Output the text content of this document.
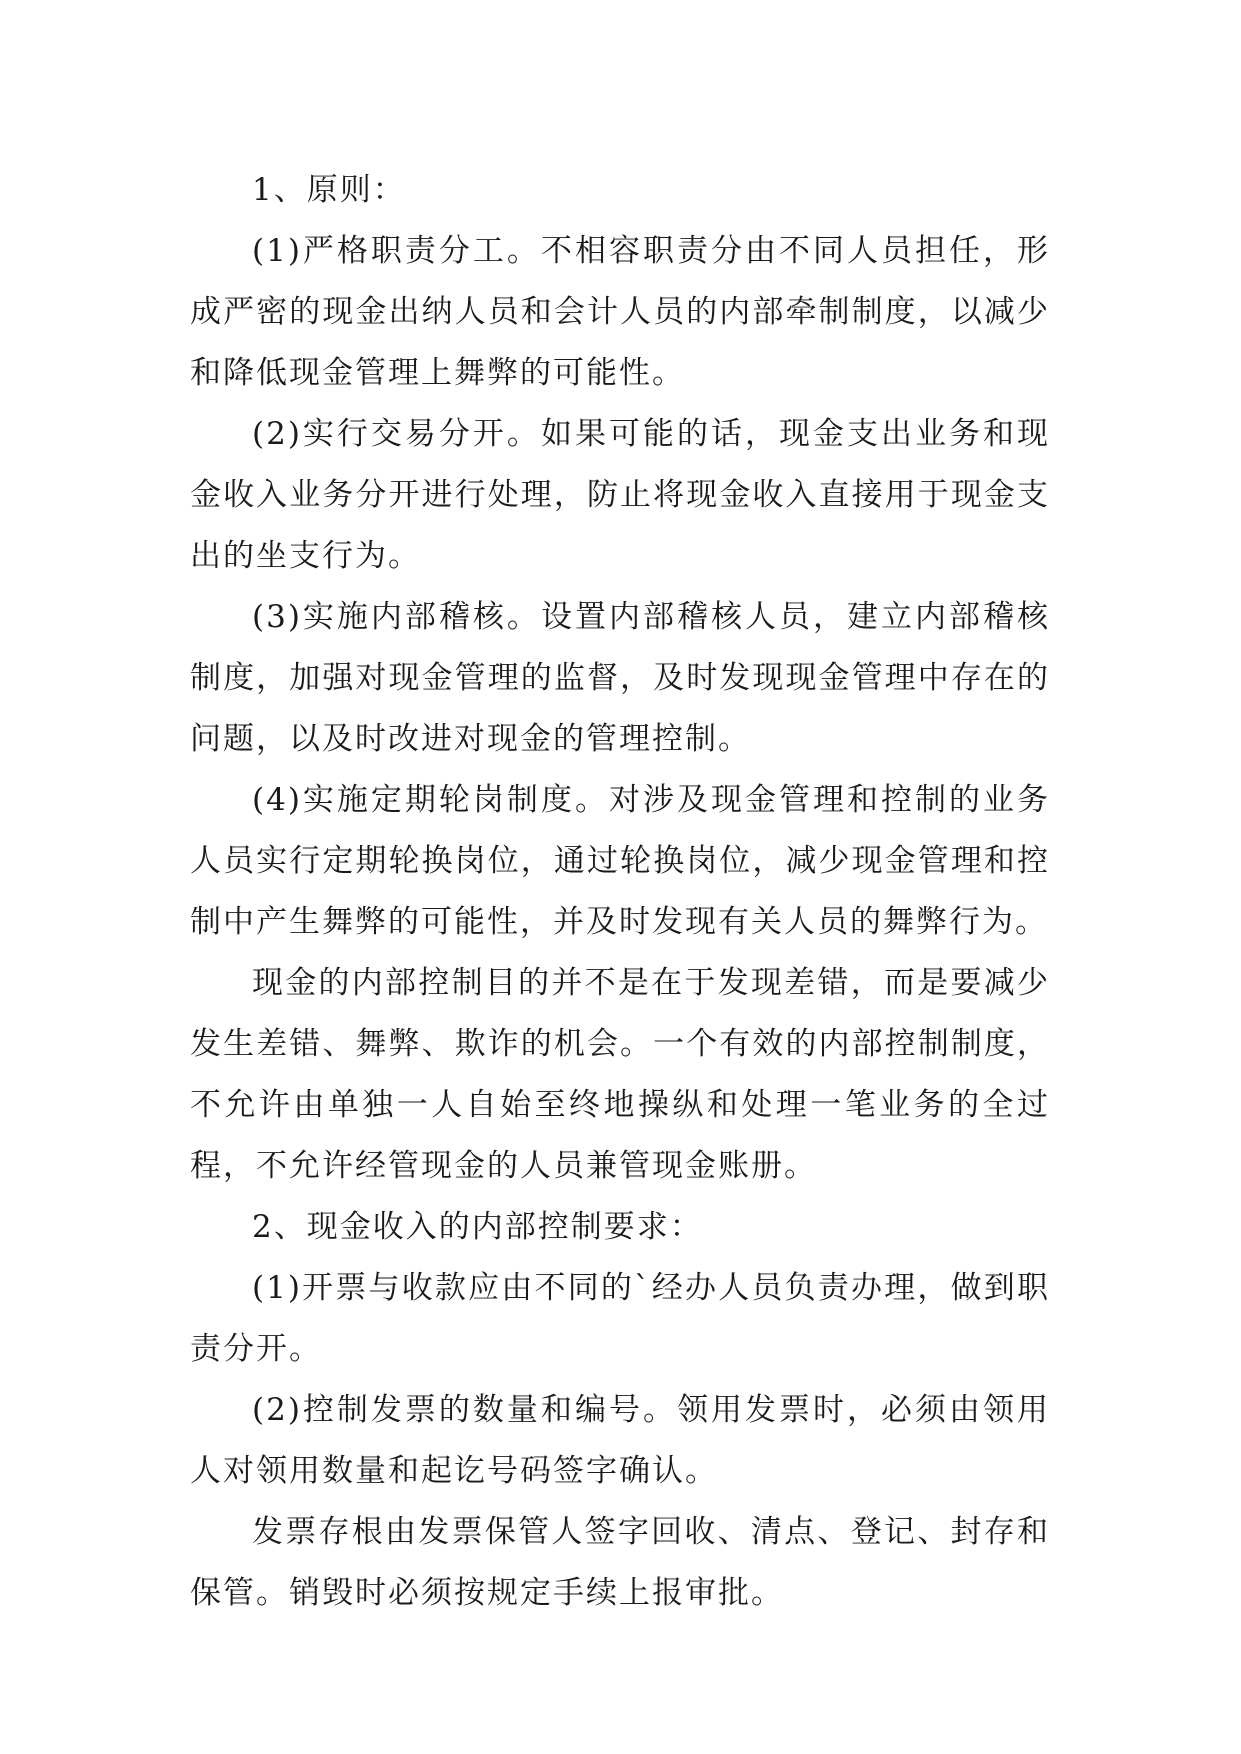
1、原则：

(1)严格职责分工。不相容职责分由不同人员担任，形成严密的现金出纳人员和会计人员的内部牵制制度，以减少和降低现金管理上舞弊的可能性。

(2)实行交易分开。如果可能的话，现金支出业务和现金收入业务分开进行处理，防止将现金收入直接用于现金支出的坐支行为。

(3)实施内部稽核。设置内部稽核人员，建立内部稽核制度，加强对现金管理的监督，及时发现现金管理中存在的问题，以及时改进对现金的管理控制。

(4)实施定期轮岗制度。对涉及现金管理和控制的业务人员实行定期轮换岗位，通过轮换岗位，减少现金管理和控制中产生舞弊的可能性，并及时发现有关人员的舞弊行为。

现金的内部控制目的并不是在于发现差错，而是要减少发生差错、舞弊、欺诈的机会。一个有效的内部控制制度，不允许由单独一人自始至终地操纵和处理一笔业务的全过程，不允许经管现金的人员兼管现金账册。

2、现金收入的内部控制要求：

(1)开票与收款应由不同的`经办人员负责办理，做到职责分开。

(2)控制发票的数量和编号。领用发票时，必须由领用人对领用数量和起讫号码签字确认。

发票存根由发票保管人签字回收、清点、登记、封存和保管。销毁时必须按规定手续上报审批。
